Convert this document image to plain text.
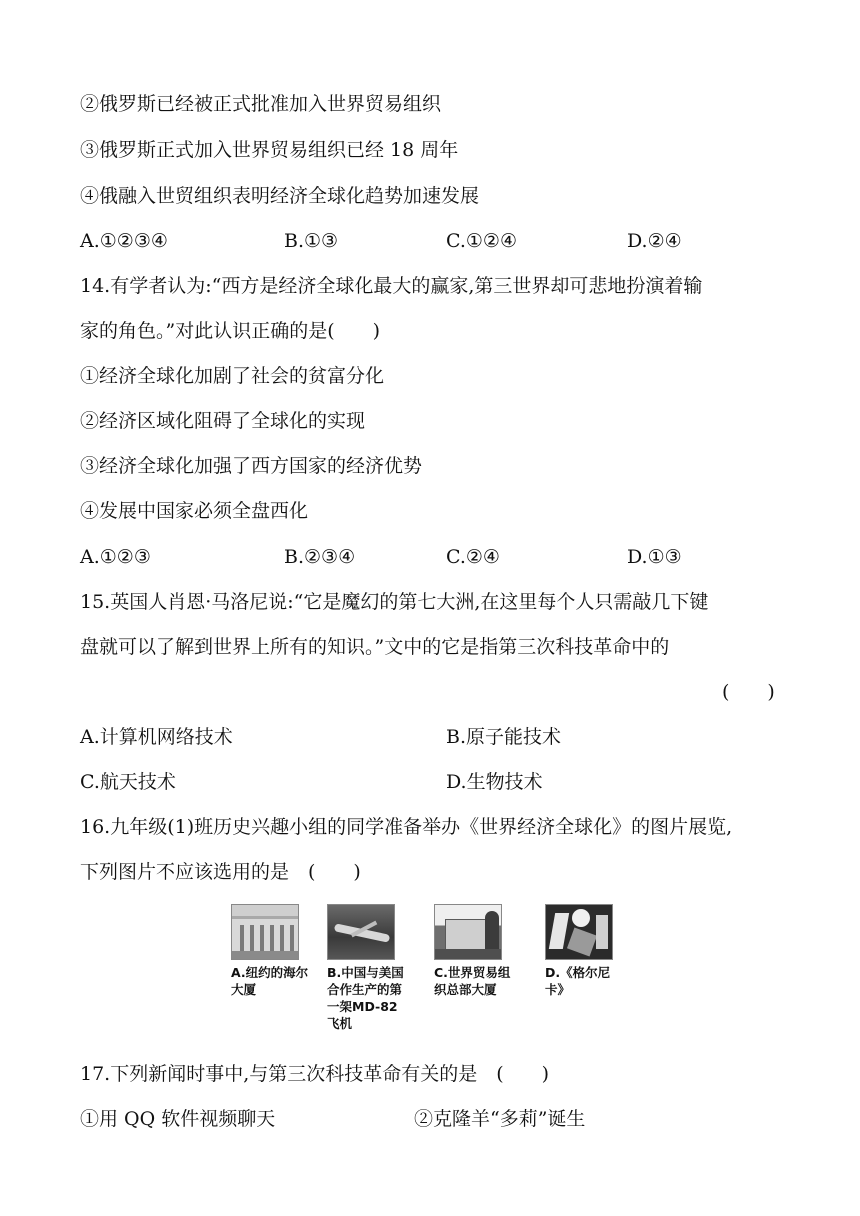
②俄罗斯已经被正式批准加入世界贸易组织
③俄罗斯正式加入世界贸易组织已经 18 周年
④俄融入世贸组织表明经济全球化趋势加速发展
A.①②③④	B.①③	C.①②④	D.②④
14.有学者认为:“西方是经济全球化最大的赢家,第三世界却可悲地扮演着输
家的角色。”对此认识正确的是(　　)
①经济全球化加剧了社会的贫富分化
②经济区域化阻碍了全球化的实现
③经济全球化加强了西方国家的经济优势
④发展中国家必须全盘西化
A.①②③	B.②③④	C.②④	D.①③
15.英国人肖恩·马洛尼说:“它是魔幻的第七大洲,在这里每个人只需敲几下键
盘就可以了解到世界上所有的知识。”文中的它是指第三次科技革命中的
(　　)
A.计算机网络技术	B.原子能技术
C.航天技术	D.生物技术
16.九年级(1)班历史兴趣小组的同学准备举办《世界经济全球化》的图片展览,
下列图片不应该选用的是　(　　)
A.纽约的海尔大厦
B.中国与美国合作生产的第一架MD-82飞机
C.世界贸易组织总部大厦
D.《格尔尼卡》
17.下列新闻时事中,与第三次科技革命有关的是　(　　)
①用 QQ 软件视频聊天	②克隆羊“多莉”诞生
